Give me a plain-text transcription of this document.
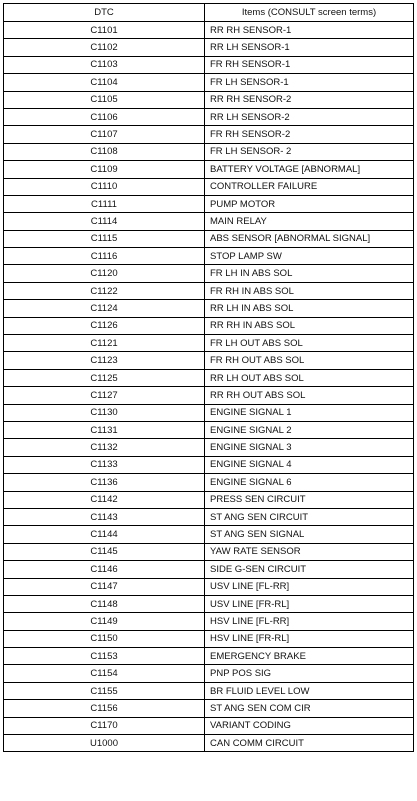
DTC	Items (CONSULT screen terms)
C1101	RR RH SENSOR-1
C1102	RR LH SENSOR-1
C1103	FR RH SENSOR-1
C1104	FR LH SENSOR-1
C1105	RR RH SENSOR-2
C1106	RR LH SENSOR-2
C1107	FR RH SENSOR-2
C1108	FR LH SENSOR- 2
C1109	BATTERY VOLTAGE [ABNORMAL]
C1110	CONTROLLER FAILURE
C1111	PUMP MOTOR
C1114	MAIN RELAY
C1115	ABS SENSOR [ABNORMAL SIGNAL]
C1116	STOP LAMP SW
C1120	FR LH IN ABS SOL
C1122	FR RH IN ABS SOL
C1124	RR LH IN ABS SOL
C1126	RR RH IN ABS SOL
C1121	FR LH OUT ABS SOL
C1123	FR RH OUT ABS SOL
C1125	RR LH OUT ABS SOL
C1127	RR RH OUT ABS SOL
C1130	ENGINE SIGNAL 1
C1131	ENGINE SIGNAL 2
C1132	ENGINE SIGNAL 3
C1133	ENGINE SIGNAL 4
C1136	ENGINE SIGNAL 6
C1142	PRESS SEN CIRCUIT
C1143	ST ANG SEN CIRCUIT
C1144	ST ANG SEN SIGNAL
C1145	YAW RATE SENSOR
C1146	SIDE G-SEN CIRCUIT
C1147	USV LINE [FL-RR]
C1148	USV LINE [FR-RL]
C1149	HSV LINE [FL-RR]
C1150	HSV LINE [FR-RL]
C1153	EMERGENCY BRAKE
C1154	PNP POS SIG
C1155	BR FLUID LEVEL LOW
C1156	ST ANG SEN COM CIR
C1170	VARIANT CODING
U1000	CAN COMM CIRCUIT
